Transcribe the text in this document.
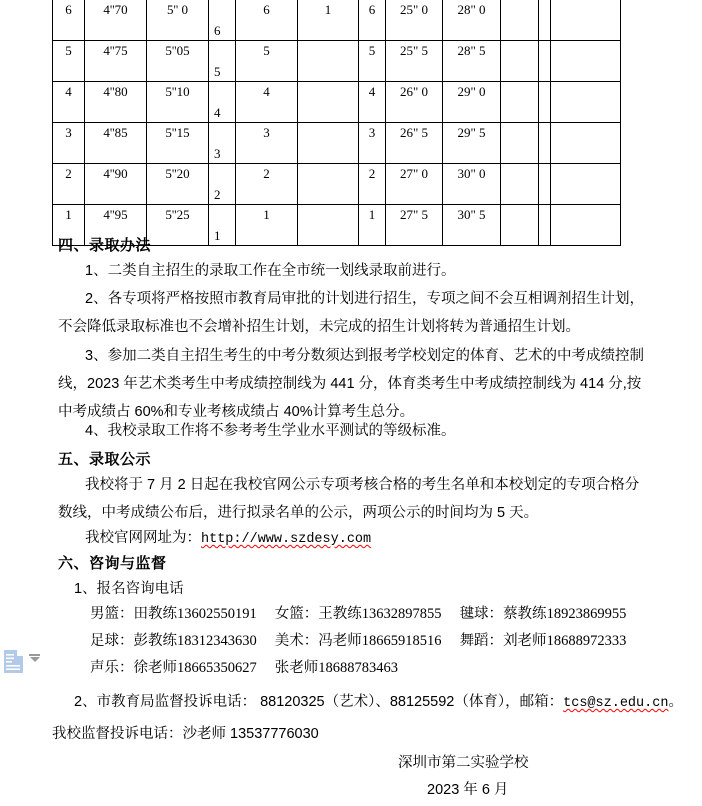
6	4''70	5'' 0	6	6	1	6	25" 0	28" 0			
5	4''75	5''05	5	5		5	25" 5	28" 5			
4	4''80	5''10	4	4		4	26" 0	29" 0			
3	4''85	5''15	3	3		3	26" 5	29" 5			
2	4''90	5''20	2	2		2	27" 0	30" 0			
1	4''95	5''25	1	1		1	27" 5	30" 5			
四、录取办法
1、二类自主招生的录取工作在全市统一划线录取前进行。
2、各专项将严格按照市教育局审批的计划进行招生，专项之间不会互相调剂招生计划，
不会降低录取标准也不会增补招生计划，未完成的招生计划将转为普通招生计划。
3、参加二类自主招生考生的中考分数须达到报考学校划定的体育、艺术的中考成绩控制
线，2023 年艺术类考生中考成绩控制线为 441 分，体育类考生中考成绩控制线为 414 分,按
中考成绩占 60%和专业考核成绩占 40%计算考生总分。
4、我校录取工作将不参考考生学业水平测试的等级标准。
五、录取公示
我校将于 7 月 2 日起在我校官网公示专项考核合格的考生名单和本校划定的专项合格分
数线，中考成绩公布后，进行拟录名单的公示，两项公示的时间均为 5 天。
我校官网网址为：http://www.szdesy.com
六、咨询与监督
1、报名咨询电话
男篮：田教练13602550191 女篮：王教练13632897855 毽球：蔡教练18923869955
足球：彭教练18312343630 美术：冯老师18665918516 舞蹈：刘老师18688972333
声乐：徐老师18665350627 张老师18688783463
2、市教育局监督投诉电话： 88120325（艺术）、88125592（体育），邮箱：tcs@sz.edu.cn。
我校监督投诉电话：沙老师 13537776030
深圳市第二实验学校
2023 年 6 月
